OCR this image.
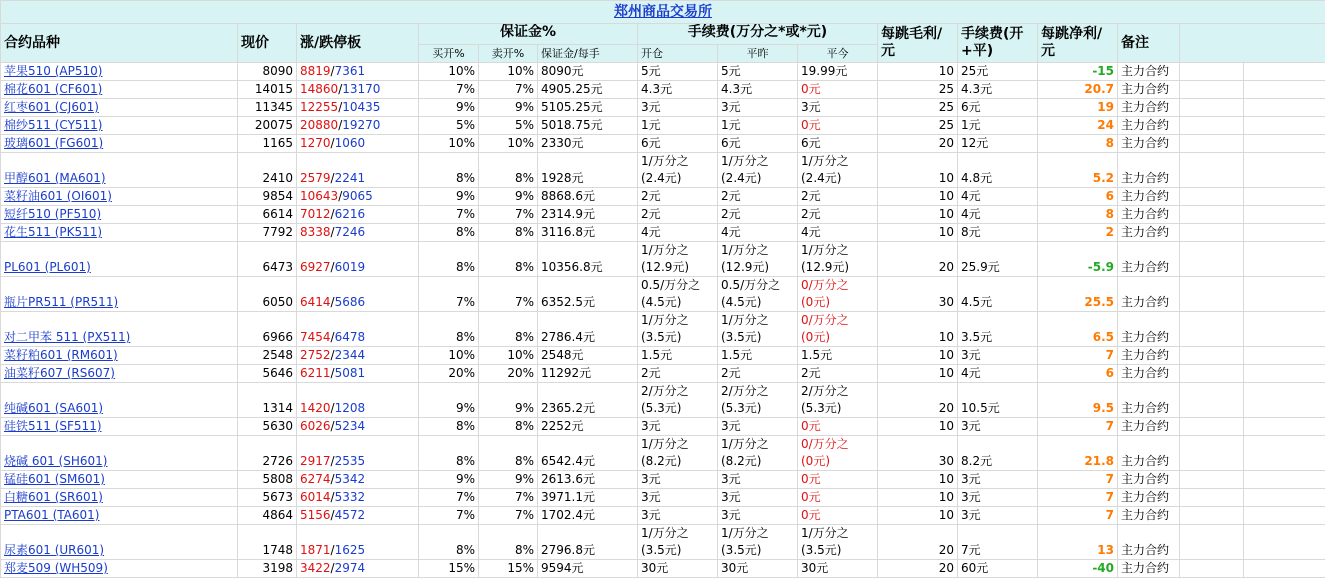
郑州商品交易所														
合约品种	现价	涨/跌停板	保证金%			手续费(万分之*或*元)			每跳毛利/元	手续费(开+平)	每跳净利/元	备注		
			买开%	卖开%	保证金/每手	开仓	平昨	平今						
苹果510 (AP510)	8090	8819/7361	10%	10%	8090元	5元	5元	19.99元	10	25元	-15	主力合约		
棉花601 (CF601)	14015	14860/13170	7%	7%	4905.25元	4.3元	4.3元	0元	25	4.3元	20.7	主力合约		
红枣601 (CJ601)	11345	12255/10435	9%	9%	5105.25元	3元	3元	3元	25	6元	19	主力合约		
棉纱511 (CY511)	20075	20880/19270	5%	5%	5018.75元	1元	1元	0元	25	1元	24	主力合约		
玻璃601 (FG601)	1165	1270/1060	10%	10%	2330元	6元	6元	6元	20	12元	8	主力合约		
甲醇601 (MA601)	2410	2579/2241	8%	8%	1928元	1/万分之
(2.4元)	1/万分之
(2.4元)	1/万分之
(2.4元)	10	4.8元	5.2	主力合约		
菜籽油601 (OI601)	9854	10643/9065	9%	9%	8868.6元	2元	2元	2元	10	4元	6	主力合约		
短纤510 (PF510)	6614	7012/6216	7%	7%	2314.9元	2元	2元	2元	10	4元	8	主力合约		
花生511 (PK511)	7792	8338/7246	8%	8%	3116.8元	4元	4元	4元	10	8元	2	主力合约		
PL601 (PL601)	6473	6927/6019	8%	8%	10356.8元	1/万分之
(12.9元)	1/万分之
(12.9元)	1/万分之
(12.9元)	20	25.9元	-5.9	主力合约		
瓶片PR511 (PR511)	6050	6414/5686	7%	7%	6352.5元	0.5/万分之
(4.5元)	0.5/万分之
(4.5元)	0/万分之
(0元)	30	4.5元	25.5	主力合约		
对二甲苯 511 (PX511)	6966	7454/6478	8%	8%	2786.4元	1/万分之
(3.5元)	1/万分之
(3.5元)	0/万分之
(0元)	10	3.5元	6.5	主力合约		
菜籽粕601 (RM601)	2548	2752/2344	10%	10%	2548元	1.5元	1.5元	1.5元	10	3元	7	主力合约		
油菜籽607 (RS607)	5646	6211/5081	20%	20%	11292元	2元	2元	2元	10	4元	6	主力合约		
纯碱601 (SA601)	1314	1420/1208	9%	9%	2365.2元	2/万分之
(5.3元)	2/万分之
(5.3元)	2/万分之
(5.3元)	20	10.5元	9.5	主力合约		
硅铁511 (SF511)	5630	6026/5234	8%	8%	2252元	3元	3元	0元	10	3元	7	主力合约		
烧碱 601 (SH601)	2726	2917/2535	8%	8%	6542.4元	1/万分之
(8.2元)	1/万分之
(8.2元)	0/万分之
(0元)	30	8.2元	21.8	主力合约		
锰硅601 (SM601)	5808	6274/5342	9%	9%	2613.6元	3元	3元	0元	10	3元	7	主力合约		
白糖601 (SR601)	5673	6014/5332	7%	7%	3971.1元	3元	3元	0元	10	3元	7	主力合约		
PTA601 (TA601)	4864	5156/4572	7%	7%	1702.4元	3元	3元	0元	10	3元	7	主力合约		
尿素601 (UR601)	1748	1871/1625	8%	8%	2796.8元	1/万分之
(3.5元)	1/万分之
(3.5元)	1/万分之
(3.5元)	20	7元	13	主力合约		
郑麦509 (WH509)	3198	3422/2974	15%	15%	9594元	30元	30元	30元	20	60元	-40	主力合约		
